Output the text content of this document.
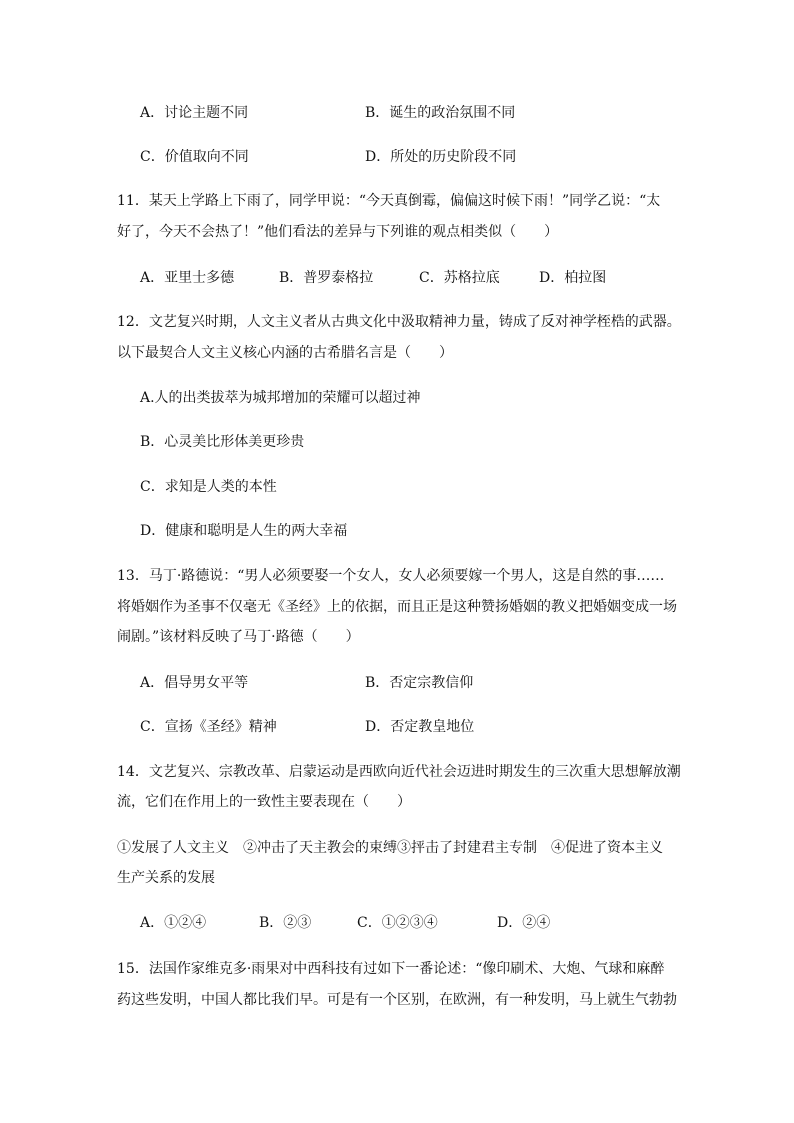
A．讨论主题不同	B．诞生的政治氛围不同
C．价值取向不同	D．所处的历史阶段不同
11．某天上学路上下雨了，同学甲说：“今天真倒霉，偏偏这时候下雨！”同学乙说：“太
好了，今天不会热了！”他们看法的差异与下列谁的观点相类似（　　）
A．亚里士多德	B．普罗泰格拉	C．苏格拉底	D．柏拉图
12．文艺复兴时期，人文主义者从古典文化中汲取精神力量，铸成了反对神学桎梏的武器。
以下最契合人文主义核心内涵的古希腊名言是（　　）
A.人的出类拔萃为城邦增加的荣耀可以超过神
B．心灵美比形体美更珍贵
C．求知是人类的本性
D．健康和聪明是人生的两大幸福
13．马丁·路德说：“男人必须要娶一个女人，女人必须要嫁一个男人，这是自然的事……
将婚姻作为圣事不仅毫无《圣经》上的依据，而且正是这种赞扬婚姻的教义把婚姻变成一场
闹剧。”该材料反映了马丁·路德（　　）
A．倡导男女平等	B．否定宗教信仰
C．宣扬《圣经》精神	D．否定教皇地位
14．文艺复兴、宗教改革、启蒙运动是西欧向近代社会迈进时期发生的三次重大思想解放潮
流，它们在作用上的一致性主要表现在（　　）
①发展了人文主义　②冲击了天主教会的束缚③抨击了封建君主专制　④促进了资本主义
生产关系的发展
A．①②④	B．②③	C．①②③④	D．②④
15．法国作家维克多·雨果对中西科技有过如下一番论述：“像印刷术、大炮、气球和麻醉
药这些发明，中国人都比我们早。可是有一个区别，在欧洲，有一种发明，马上就生气勃勃
